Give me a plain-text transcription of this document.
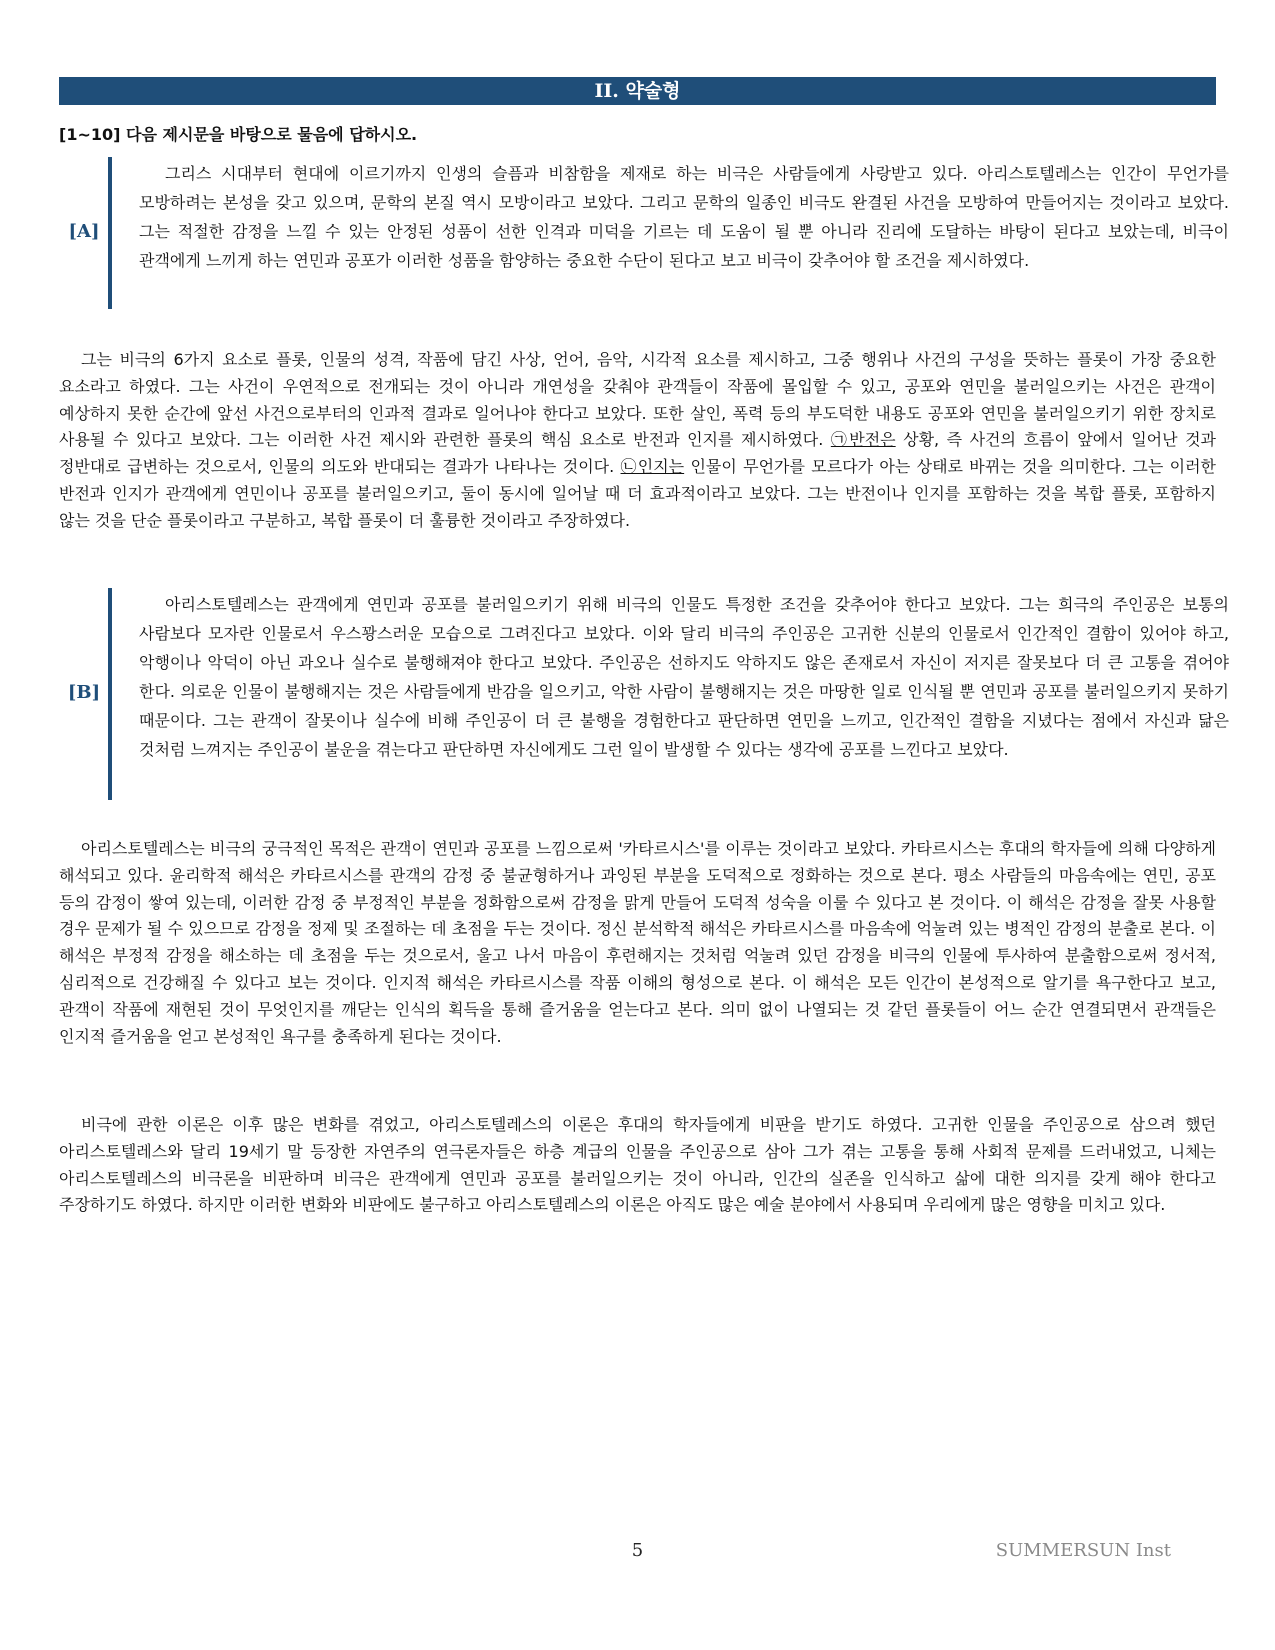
II. 약술형
[1~10] 다음 제시문을 바탕으로 물음에 답하시오.
[A]
그리스 시대부터 현대에 이르기까지 인생의 슬픔과 비참함을 제재로 하는 비극은 사람들에게 사랑받고 있다. 아리스토텔레스는 인간이 무언가를 모방하려는 본성을 갖고 있으며, 문학의 본질 역시 모방이라고 보았다. 그리고 문학의 일종인 비극도 완결된 사건을 모방하여 만들어지는 것이라고 보았다. 그는 적절한 감정을 느낄 수 있는 안정된 성품이 선한 인격과 미덕을 기르는 데 도움이 될 뿐 아니라 진리에 도달하는 바탕이 된다고 보았는데, 비극이 관객에게 느끼게 하는 연민과 공포가 이러한 성품을 함양하는 중요한 수단이 된다고 보고 비극이 갖추어야 할 조건을 제시하였다.

그는 비극의 6가지 요소로 플롯, 인물의 성격, 작품에 담긴 사상, 언어, 음악, 시각적 요소를 제시하고, 그중 행위나 사건의 구성을 뜻하는 플롯이 가장 중요한 요소라고 하였다. 그는 사건이 우연적으로 전개되는 것이 아니라 개연성을 갖춰야 관객들이 작품에 몰입할 수 있고, 공포와 연민을 불러일으키는 사건은 관객이 예상하지 못한 순간에 앞선 사건으로부터의 인과적 결과로 일어나야 한다고 보았다. 또한 살인, 폭력 등의 부도덕한 내용도 공포와 연민을 불러일으키기 위한 장치로 사용될 수 있다고 보았다. 그는 이러한 사건 제시와 관련한 플롯의 핵심 요소로 반전과 인지를 제시하였다. ㉠반전은 상황, 즉 사건의 흐름이 앞에서 일어난 것과 정반대로 급변하는 것으로서, 인물의 의도와 반대되는 결과가 나타나는 것이다. ㉡인지는 인물이 무언가를 모르다가 아는 상태로 바뀌는 것을 의미한다. 그는 이러한 반전과 인지가 관객에게 연민이나 공포를 불러일으키고, 둘이 동시에 일어날 때 더 효과적이라고 보았다. 그는 반전이나 인지를 포함하는 것을 복합 플롯, 포함하지 않는 것을 단순 플롯이라고 구분하고, 복합 플롯이 더 훌륭한 것이라고 주장하였다.

[B]
아리스토텔레스는 관객에게 연민과 공포를 불러일으키기 위해 비극의 인물도 특정한 조건을 갖추어야 한다고 보았다. 그는 희극의 주인공은 보통의 사람보다 모자란 인물로서 우스꽝스러운 모습으로 그려진다고 보았다. 이와 달리 비극의 주인공은 고귀한 신분의 인물로서 인간적인 결함이 있어야 하고, 악행이나 악덕이 아닌 과오나 실수로 불행해져야 한다고 보았다. 주인공은 선하지도 악하지도 않은 존재로서 자신이 저지른 잘못보다 더 큰 고통을 겪어야 한다. 의로운 인물이 불행해지는 것은 사람들에게 반감을 일으키고, 악한 사람이 불행해지는 것은 마땅한 일로 인식될 뿐 연민과 공포를 불러일으키지 못하기 때문이다. 그는 관객이 잘못이나 실수에 비해 주인공이 더 큰 불행을 경험한다고 판단하면 연민을 느끼고, 인간적인 결함을 지녔다는 점에서 자신과 닮은 것처럼 느껴지는 주인공이 불운을 겪는다고 판단하면 자신에게도 그런 일이 발생할 수 있다는 생각에 공포를 느낀다고 보았다.

아리스토텔레스는 비극의 궁극적인 목적은 관객이 연민과 공포를 느낌으로써 '카타르시스'를 이루는 것이라고 보았다. 카타르시스는 후대의 학자들에 의해 다양하게 해석되고 있다. 윤리학적 해석은 카타르시스를 관객의 감정 중 불균형하거나 과잉된 부분을 도덕적으로 정화하는 것으로 본다. 평소 사람들의 마음속에는 연민, 공포 등의 감정이 쌓여 있는데, 이러한 감정 중 부정적인 부분을 정화함으로써 감정을 맑게 만들어 도덕적 성숙을 이룰 수 있다고 본 것이다. 이 해석은 감정을 잘못 사용할 경우 문제가 될 수 있으므로 감정을 정제 및 조절하는 데 초점을 두는 것이다. 정신 분석학적 해석은 카타르시스를 마음속에 억눌려 있는 병적인 감정의 분출로 본다. 이 해석은 부정적 감정을 해소하는 데 초점을 두는 것으로서, 울고 나서 마음이 후련해지는 것처럼 억눌려 있던 감정을 비극의 인물에 투사하여 분출함으로써 정서적, 심리적으로 건강해질 수 있다고 보는 것이다. 인지적 해석은 카타르시스를 작품 이해의 형성으로 본다. 이 해석은 모든 인간이 본성적으로 알기를 욕구한다고 보고, 관객이 작품에 재현된 것이 무엇인지를 깨닫는 인식의 획득을 통해 즐거움을 얻는다고 본다. 의미 없이 나열되는 것 같던 플롯들이 어느 순간 연결되면서 관객들은 인지적 즐거움을 얻고 본성적인 욕구를 충족하게 된다는 것이다.

비극에 관한 이론은 이후 많은 변화를 겪었고, 아리스토텔레스의 이론은 후대의 학자들에게 비판을 받기도 하였다. 고귀한 인물을 주인공으로 삼으려 했던 아리스토텔레스와 달리 19세기 말 등장한 자연주의 연극론자들은 하층 계급의 인물을 주인공으로 삼아 그가 겪는 고통을 통해 사회적 문제를 드러내었고, 니체는 아리스토텔레스의 비극론을 비판하며 비극은 관객에게 연민과 공포를 불러일으키는 것이 아니라, 인간의 실존을 인식하고 삶에 대한 의지를 갖게 해야 한다고 주장하기도 하였다. 하지만 이러한 변화와 비판에도 불구하고 아리스토텔레스의 이론은 아직도 많은 예술 분야에서 사용되며 우리에게 많은 영향을 미치고 있다.

5	SUMMERSUN Inst
